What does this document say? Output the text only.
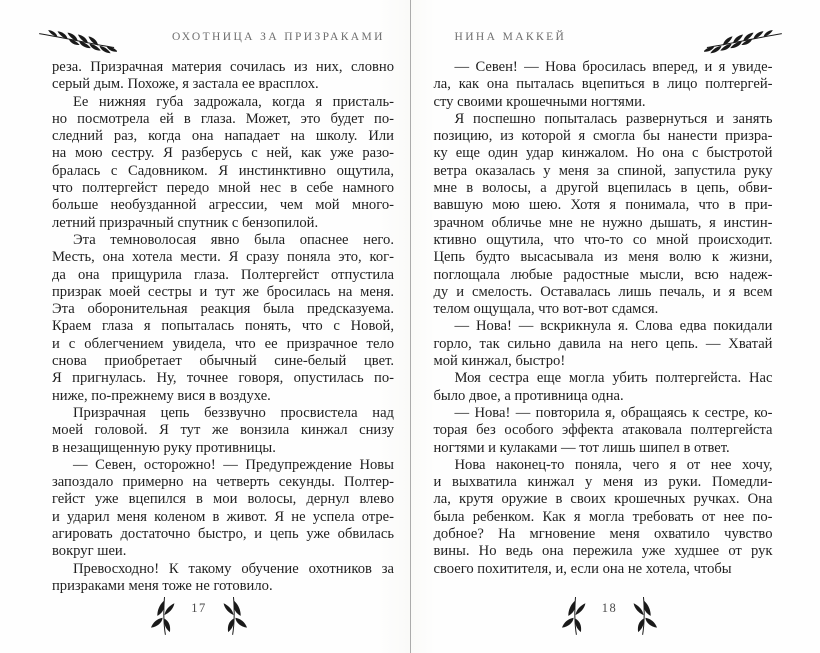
ОХОТНИЦА ЗА ПРИЗРАКАМИ
реза. Призрачная материя сочилась из них, словно
серый дым. Похоже, я застала ее врасплох.
Ее нижняя губа задрожала, когда я присталь-
но посмотрела ей в глаза. Может, это будет по-
следний раз, когда она нападает на школу. Или
на мою сестру. Я разберусь с ней, как уже разо-
бралась с Садовником. Я инстинктивно ощутила,
что полтергейст передо мной нес в себе намного
больше необузданной агрессии, чем мой много-
летний призрачный спутник с бензопилой.
Эта темноволосая явно была опаснее него.
Месть, она хотела мести. Я сразу поняла это, ког-
да она прищурила глаза. Полтергейст отпустила
призрак моей сестры и тут же бросилась на меня.
Эта оборонительная реакция была предсказуема.
Краем глаза я попыталась понять, что с Новой,
и с облегчением увидела, что ее призрачное тело
снова приобретает обычный сине-белый цвет.
Я пригнулась. Ну, точнее говоря, опустилась по-
ниже, по-прежнему вися в воздухе.
Призрачная цепь беззвучно просвистела над
моей головой. Я тут же вонзила кинжал снизу
в незащищенную руку противницы.
— Севен, осторожно! — Предупреждение Новы
запоздало примерно на четверть секунды. Полтер-
гейст уже вцепился в мои волосы, дернул влево
и ударил меня коленом в живот. Я не успела отре-
агировать достаточно быстро, и цепь уже обвилась
вокруг шеи.
Превосходно! К такому обучение охотников за
призраками меня тоже не готовило.
17
НИНА МАККЕЙ
— Севен! — Нова бросилась вперед, и я увиде-
ла, как она пыталась вцепиться в лицо полтергей-
сту своими крошечными ногтями.
Я поспешно попыталась развернуться и занять
позицию, из которой я смогла бы нанести призра-
ку еще один удар кинжалом. Но она с быстротой
ветра оказалась у меня за спиной, запустила руку
мне в волосы, а другой вцепилась в цепь, обви-
вавшую мою шею. Хотя я понимала, что в при-
зрачном обличье мне не нужно дышать, я инстин-
ктивно ощутила, что что-то со мной происходит.
Цепь будто высасывала из меня волю к жизни,
поглощала любые радостные мысли, всю надеж-
ду и смелость. Оставалась лишь печаль, и я всем
телом ощущала, что вот-вот сдамся.
— Нова! — вскрикнула я. Слова едва покидали
горло, так сильно давила на него цепь. — Хватай
мой кинжал, быстро!
Моя сестра еще могла убить полтергейста. Нас
было двое, а противница одна.
— Нова! — повторила я, обращаясь к сестре, ко-
торая без особого эффекта атаковала полтергейста
ногтями и кулаками — тот лишь шипел в ответ.
Нова наконец-то поняла, чего я от нее хочу,
и выхватила кинжал у меня из руки. Помедли-
ла, крутя оружие в своих крошечных ручках. Она
была ребенком. Как я могла требовать от нее по-
добное? На мгновение меня охватило чувство
вины. Но ведь она пережила уже худшее от рук
своего похитителя, и, если она не хотела, чтобы
18
